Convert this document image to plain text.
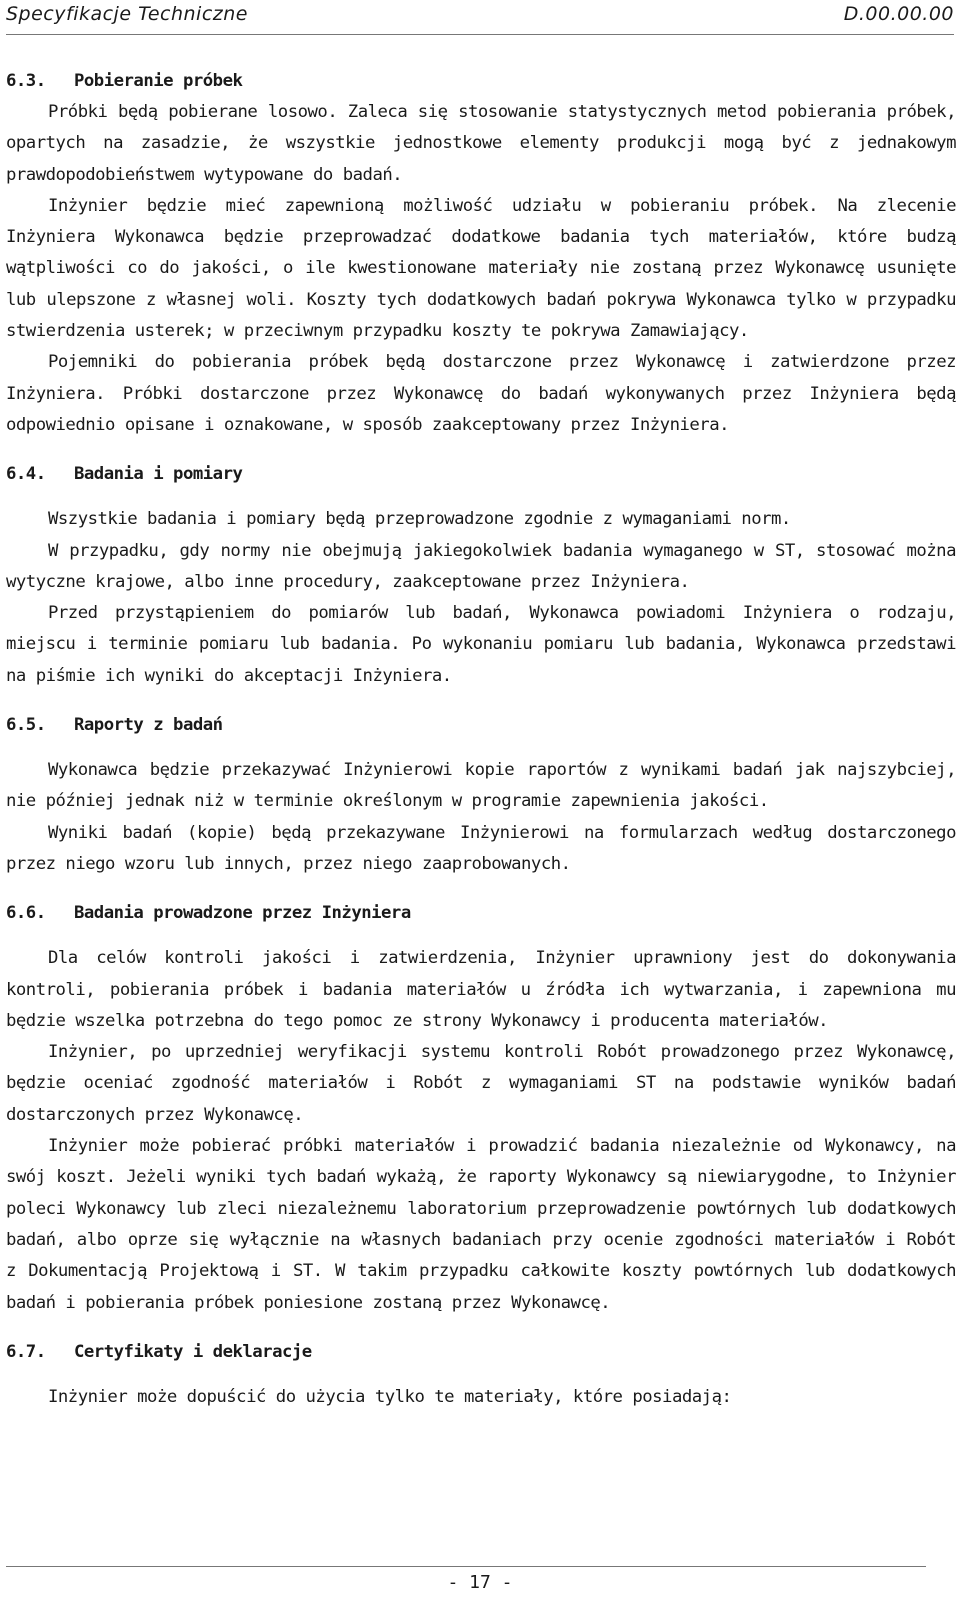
Specyfikacje Techniczne	D.00.00.00
6.3.	Pobieranie próbek

Próbki będą pobierane losowo. Zaleca się stosowanie statystycznych metod pobierania próbek, opartych na zasadzie, że wszystkie jednostkowe elementy produkcji mogą być z jednakowym prawdopodobieństwem wytypowane do badań.

Inżynier będzie mieć zapewnioną możliwość udziału w pobieraniu próbek. Na zlecenie Inżyniera Wykonawca będzie przeprowadzać dodatkowe badania tych materiałów, które budzą wątpliwości co do jakości, o ile kwestionowane materiały nie zostaną przez Wykonawcę usunięte lub ulepszone z własnej woli. Koszty tych dodatkowych badań pokrywa Wykonawca tylko w przypadku stwierdzenia usterek; w przeciwnym przypadku koszty te pokrywa Zamawiający.

Pojemniki do pobierania próbek będą dostarczone przez Wykonawcę i zatwierdzone przez Inżyniera. Próbki dostarczone przez Wykonawcę do badań wykonywanych przez Inżyniera będą odpowiednio opisane i oznakowane, w sposób zaakceptowany przez Inżyniera.

6.4.	Badania i pomiary

Wszystkie badania i pomiary będą przeprowadzone zgodnie z wymaganiami norm.

W przypadku, gdy normy nie obejmują jakiegokolwiek badania wymaganego w ST, stosować można wytyczne krajowe, albo inne procedury, zaakceptowane przez Inżyniera.

Przed przystąpieniem do pomiarów lub badań, Wykonawca powiadomi Inżyniera o rodzaju, miejscu i terminie pomiaru lub badania. Po wykonaniu pomiaru lub badania, Wykonawca przedstawi na piśmie ich wyniki do akceptacji Inżyniera.

6.5.	Raporty z badań

Wykonawca będzie przekazywać Inżynierowi kopie raportów z wynikami badań jak najszybciej, nie później jednak niż w terminie określonym w programie zapewnienia jakości.

Wyniki badań (kopie) będą przekazywane Inżynierowi na formularzach według dostarczonego przez niego wzoru lub innych, przez niego zaaprobowanych.

6.6.	Badania prowadzone przez Inżyniera

Dla celów kontroli jakości i zatwierdzenia, Inżynier uprawniony jest do dokonywania kontroli, pobierania próbek i badania materiałów u źródła ich wytwarzania, i zapewniona mu będzie wszelka potrzebna do tego pomoc ze strony Wykonawcy i producenta materiałów.

Inżynier, po uprzedniej weryfikacji systemu kontroli Robót prowadzonego przez Wykonawcę, będzie oceniać zgodność materiałów i Robót z wymaganiami ST na podstawie wyników badań dostarczonych przez Wykonawcę.

Inżynier może pobierać próbki materiałów i prowadzić badania niezależnie od Wykonawcy, na swój koszt. Jeżeli wyniki tych badań wykażą, że raporty Wykonawcy są niewiarygodne, to Inżynier poleci Wykonawcy lub zleci niezależnemu laboratorium przeprowadzenie powtórnych lub dodatkowych badań, albo oprze się wyłącznie na własnych badaniach przy ocenie zgodności materiałów i Robót z Dokumentacją Projektową i ST. W takim przypadku całkowite koszty powtórnych lub dodatkowych badań i pobierania próbek poniesione zostaną przez Wykonawcę.

6.7.	Certyfikaty i deklaracje

Inżynier może dopuścić do użycia tylko te materiały, które posiadają:

- 17 -
